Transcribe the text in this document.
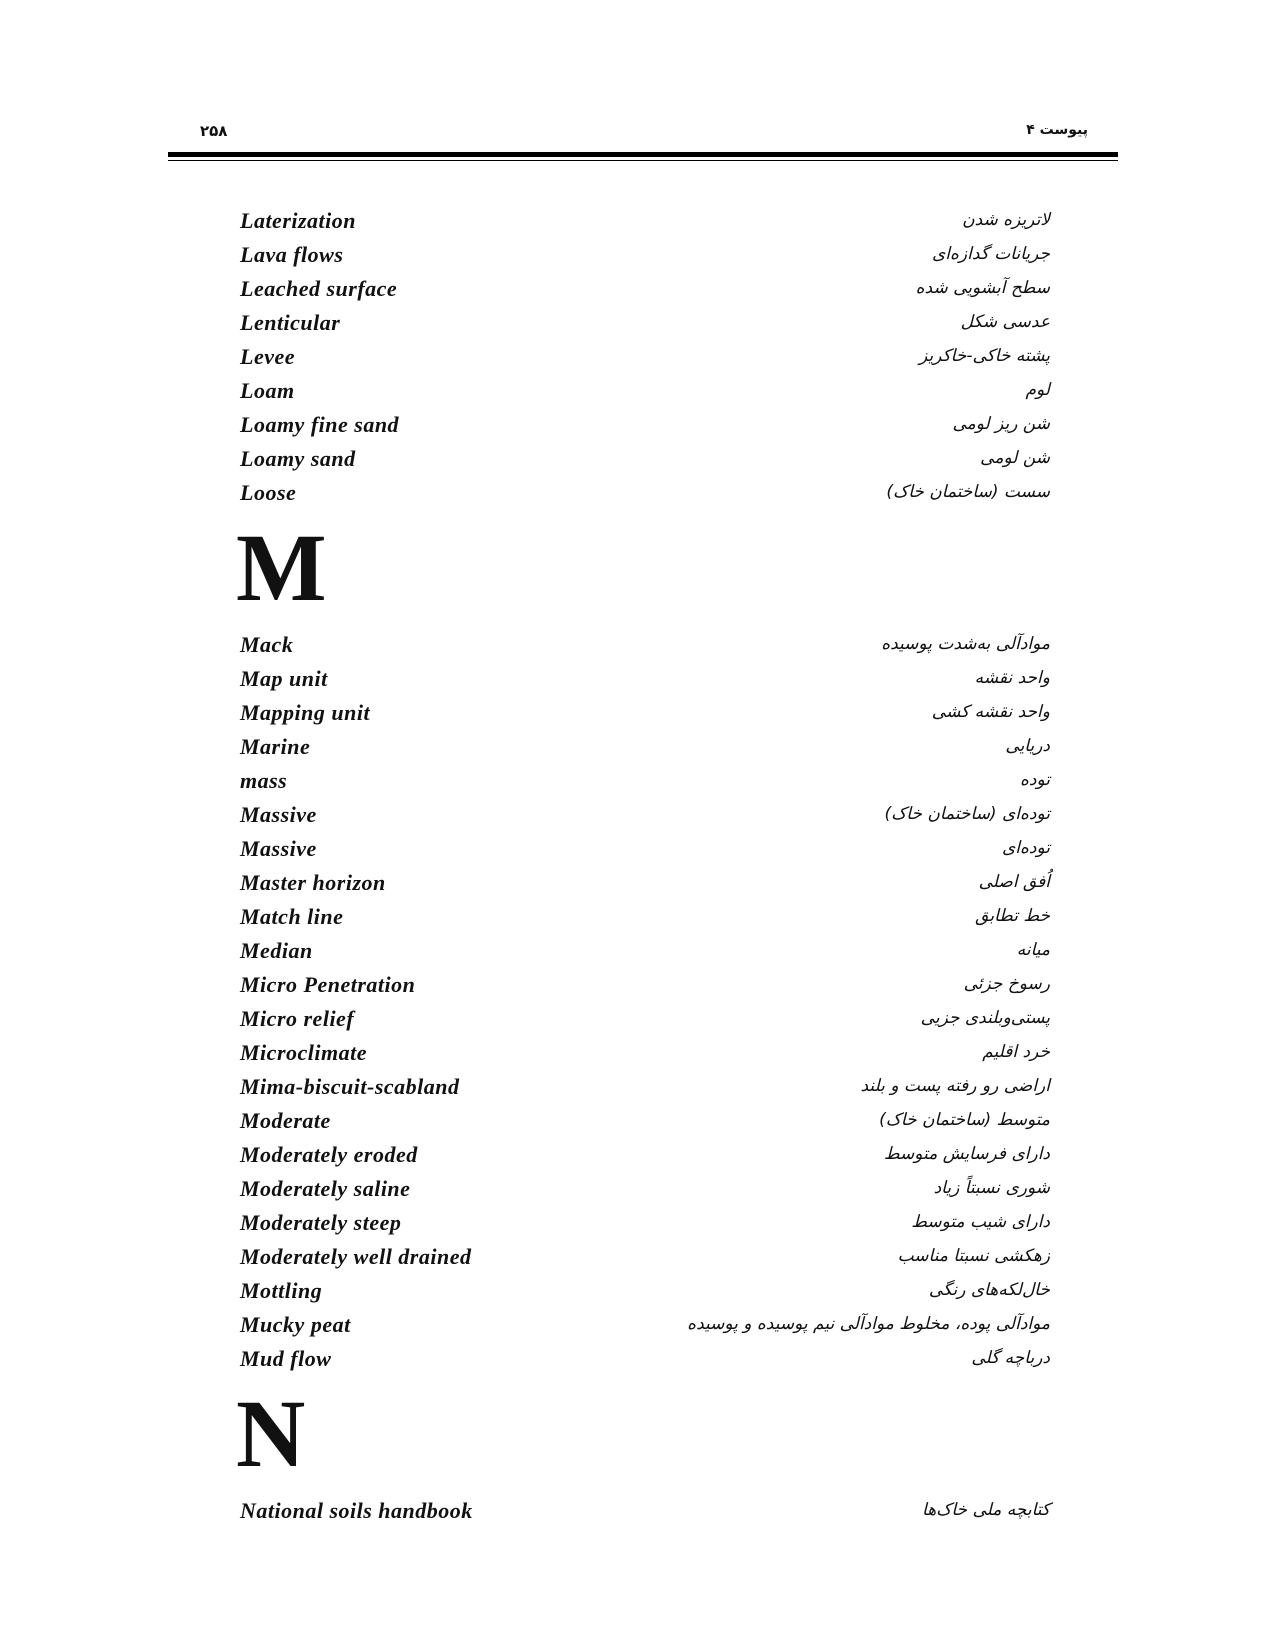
۲۵۸	پیوست ۴
Laterization	لاتریزه شدن
Lava flows	جریانات گدازه‌ای
Leached surface	سطح آبشویی شده
Lenticular	عدسی شکل
Levee	پشته خاکی-خاکریز
Loam	لوم
Loamy fine sand	شن ریز لومی
Loamy sand	شن لومی
Loose	سست (ساختمان خاک)
M
Mack	موادآلی به‌شدت پوسیده
Map unit	واحد نقشه
Mapping unit	واحد نقشه کشی
Marine	دریایی
mass	توده
Massive	توده‌ای (ساختمان خاک)
Massive	توده‌ای
Master horizon	اُفق اصلی
Match line	خط تطابق
Median	میانه
Micro Penetration	رسوخ جزئی
Micro relief	پستی‌وبلندی جزیی
Microclimate	خرد اقلیم
Mima-biscuit-scabland	اراضی رو رفته پست و بلند
Moderate	متوسط (ساختمان خاک)
Moderately eroded	دارای فرسایش متوسط
Moderately saline	شوری نسبتاً زیاد
Moderately steep	دارای شیب متوسط
Moderately well drained	زهکشی نسبتا مناسب
Mottling	خال‌لکه‌های رنگی
Mucky peat	موادآلی پوده، مخلوط موادآلی نیم پوسیده و پوسیده
Mud flow	درباچه گلی
N
National soils handbook	کتابچه ملی خاک‌ها
